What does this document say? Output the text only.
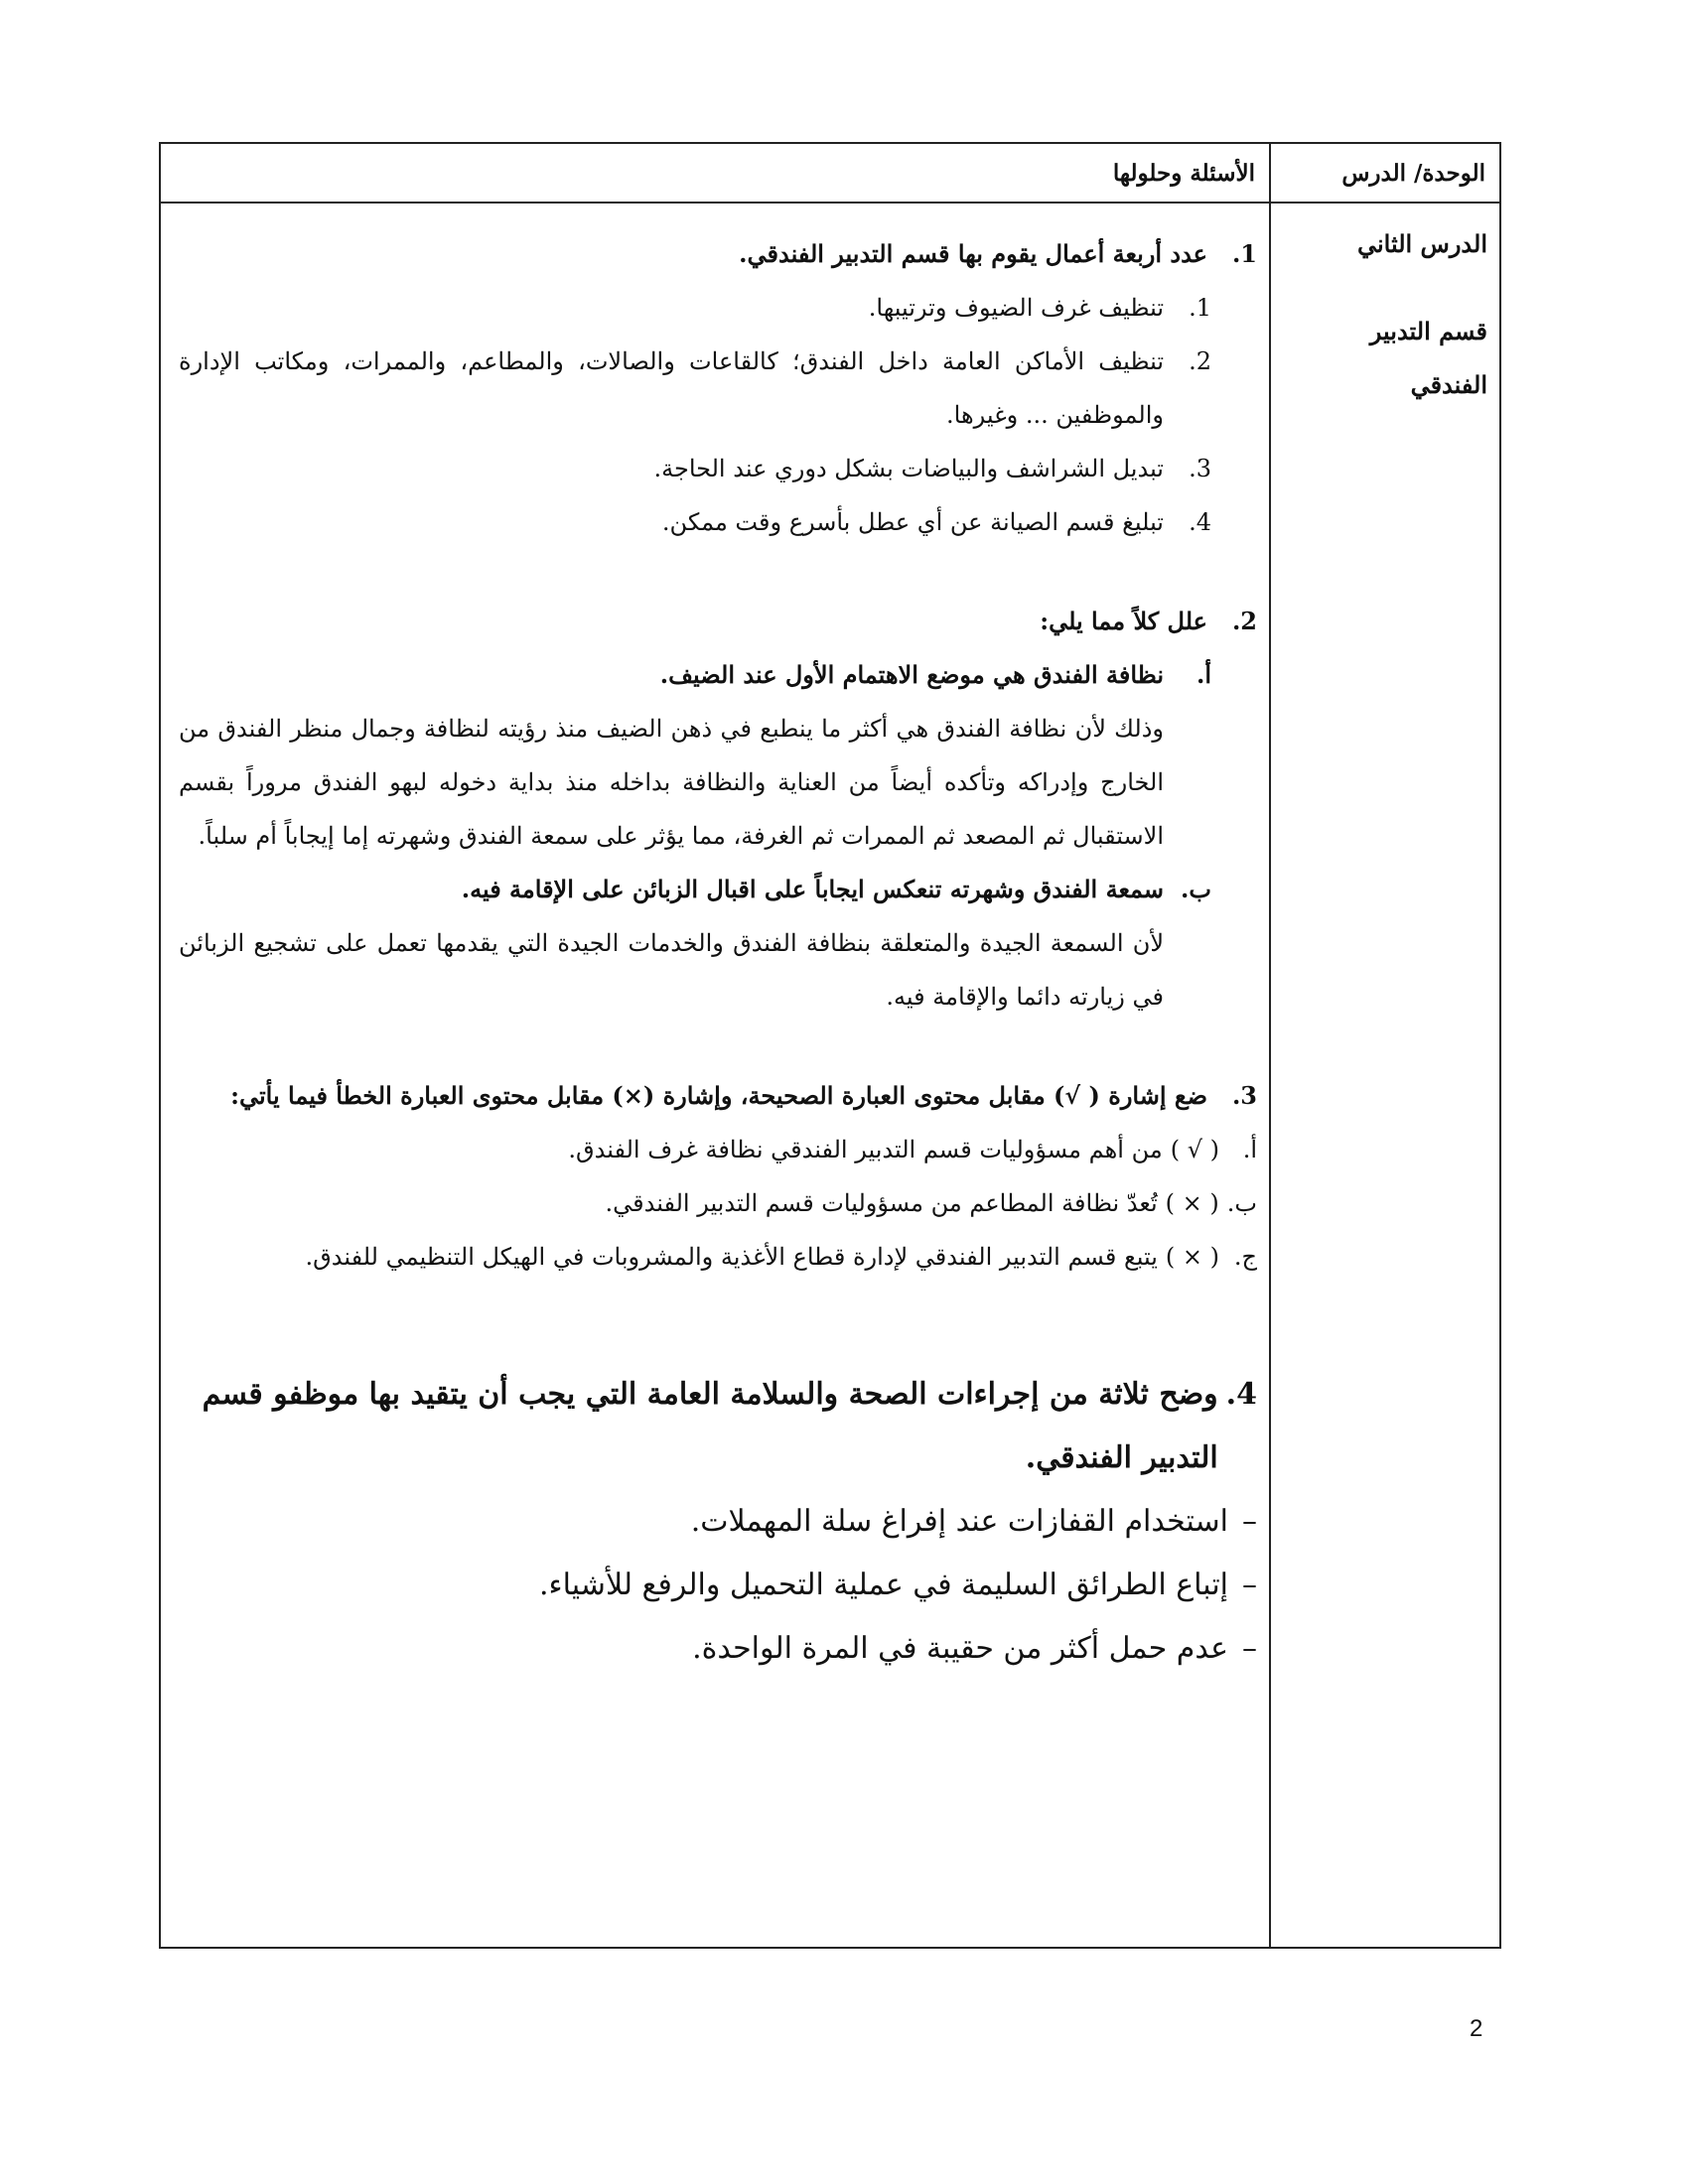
الأسئلة وحلولها	الوحدة/ الدرس
1.
عدد أربعة أعمال يقوم بها قسم التدبير الفندقي.
1.
تنظيف غرف الضيوف وترتيبها.
2.
تنظيف الأماكن العامة داخل الفندق؛ كالقاعات والصالات، والمطاعم، والممرات، ومكاتب الإدارة والموظفين ... وغيرها.
3.
تبديل الشراشف والبياضات بشكل دوري عند الحاجة.
4.
تبليغ قسم الصيانة عن أي عطل بأسرع وقت ممكن.
2.
علل كلاً مما يلي:
أ.
نظافة الفندق هي موضع الاهتمام الأول عند الضيف.
وذلك لأن نظافة الفندق هي أكثر ما ينطبع في ذهن الضيف منذ رؤيته لنظافة وجمال منظر الفندق من الخارج وإدراكه وتأكده أيضاً من العناية والنظافة بداخله منذ بداية دخوله لبهو الفندق مروراً بقسم الاستقبال ثم المصعد ثم الممرات ثم الغرفة، مما يؤثر على سمعة الفندق وشهرته إما إيجاباً أم سلباً.
ب.
سمعة الفندق وشهرته تنعكس ايجاباً على اقبال الزبائن على الإقامة فيه.
لأن السمعة الجيدة والمتعلقة بنظافة الفندق والخدمات الجيدة التي يقدمها تعمل على تشجيع الزبائن في زيارته دائما والإقامة فيه.
3.
ضع إشارة ( √) مقابل محتوى العبارة الصحيحة، وإشارة (×) مقابل محتوى العبارة الخطأ فيما يأتي:
أ.
( √ )
من أهم مسؤوليات قسم التدبير الفندقي نظافة غرف الفندق.
ب.
( × )
تُعدّ نظافة المطاعم من مسؤوليات قسم التدبير الفندقي.
ج.
( × )
يتبع قسم التدبير الفندقي لإدارة قطاع الأغذية والمشروبات في الهيكل التنظيمي للفندق.
4.
وضح ثلاثة من إجراءات الصحة والسلامة العامة التي يجب أن يتقيد بها موظفو قسم التدبير الفندقي.
–
استخدام القفازات عند إفراغ سلة المهملات.
–
إتباع الطرائق السليمة في عملية التحميل والرفع للأشياء.
–
عدم حمل أكثر من حقيبة في المرة الواحدة.
الدرس الثاني
قسم التدبير
الفندقي
2
